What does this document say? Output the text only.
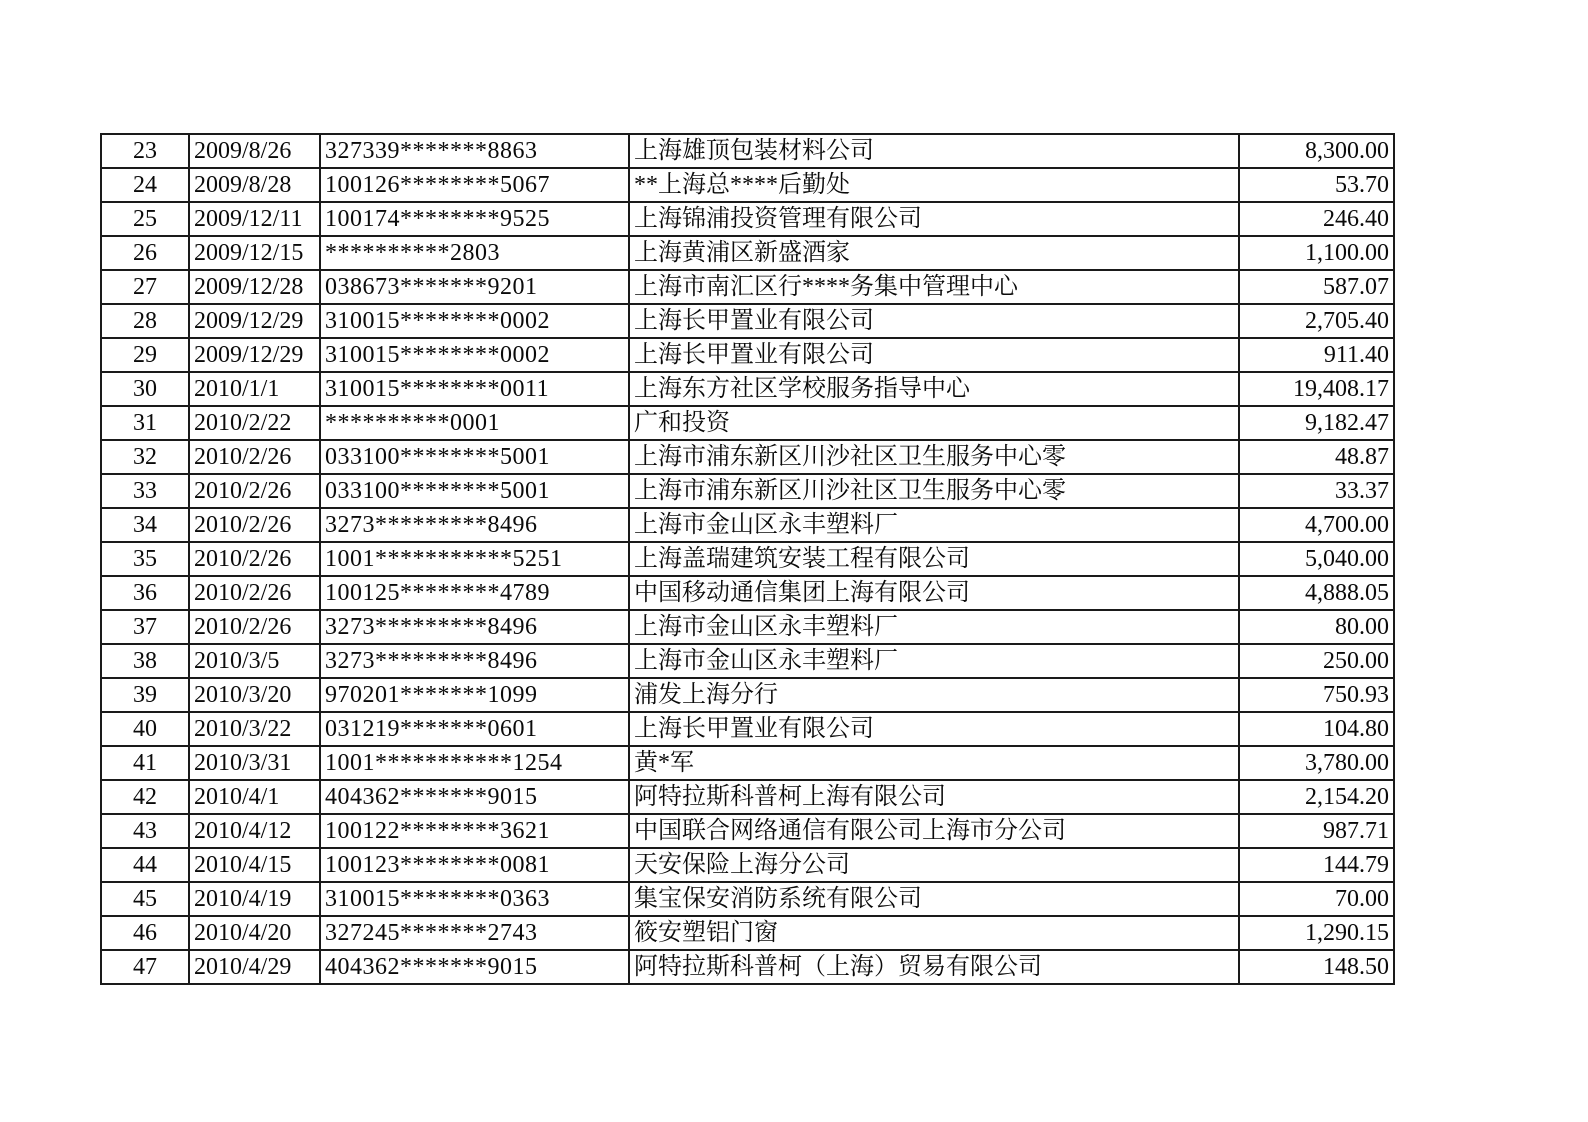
23	2009/8/26	327339*******8863	上海雄顶包装材料公司	8,300.00
24	2009/8/28	100126********5067	**上海总****后勤处	53.70
25	2009/12/11	100174********9525	上海锦浦投资管理有限公司	246.40
26	2009/12/15	**********2803	上海黄浦区新盛酒家	1,100.00
27	2009/12/28	038673*******9201	上海市南汇区行****务集中管理中心	587.07
28	2009/12/29	310015********0002	上海长甲置业有限公司	2,705.40
29	2009/12/29	310015********0002	上海长甲置业有限公司	911.40
30	2010/1/1	310015********0011	上海东方社区学校服务指导中心	19,408.17
31	2010/2/22	**********0001	广和投资	9,182.47
32	2010/2/26	033100********5001	上海市浦东新区川沙社区卫生服务中心零	48.87
33	2010/2/26	033100********5001	上海市浦东新区川沙社区卫生服务中心零	33.37
34	2010/2/26	3273*********8496	上海市金山区永丰塑料厂	4,700.00
35	2010/2/26	1001***********5251	上海盖瑞建筑安装工程有限公司	5,040.00
36	2010/2/26	100125********4789	中国移动通信集团上海有限公司	4,888.05
37	2010/2/26	3273*********8496	上海市金山区永丰塑料厂	80.00
38	2010/3/5	3273*********8496	上海市金山区永丰塑料厂	250.00
39	2010/3/20	970201*******1099	浦发上海分行	750.93
40	2010/3/22	031219*******0601	上海长甲置业有限公司	104.80
41	2010/3/31	1001***********1254	黄*军	3,780.00
42	2010/4/1	404362*******9015	阿特拉斯科普柯上海有限公司	2,154.20
43	2010/4/12	100122********3621	中国联合网络通信有限公司上海市分公司	987.71
44	2010/4/15	100123********0081	天安保险上海分公司	144.79
45	2010/4/19	310015********0363	集宝保安消防系统有限公司	70.00
46	2010/4/20	327245*******2743	筱安塑铝门窗	1,290.15
47	2010/4/29	404362*******9015	阿特拉斯科普柯（上海）贸易有限公司	148.50
